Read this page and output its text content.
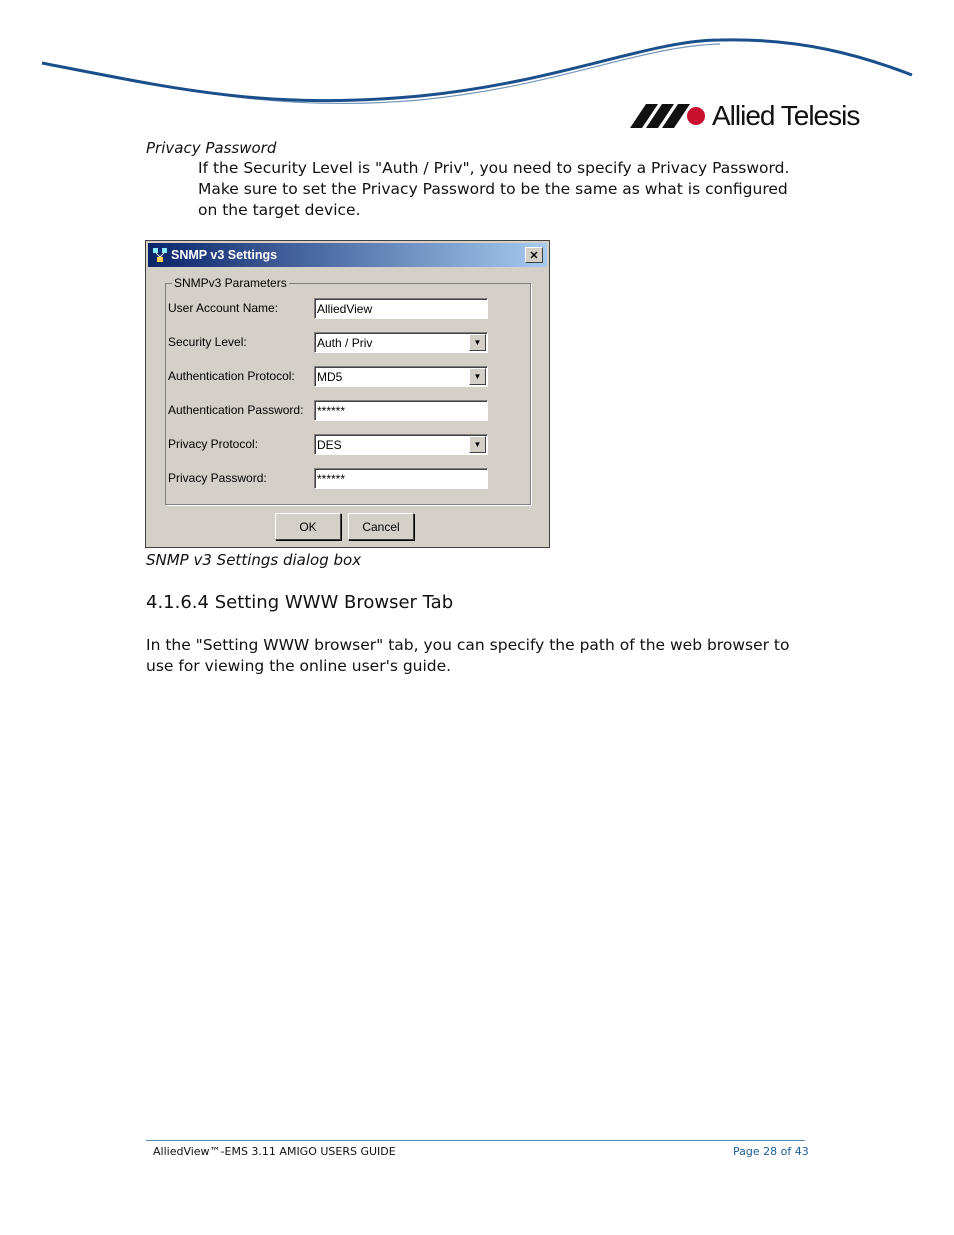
Allied Telesis
Privacy Password
If the Security Level is "Auth / Priv", you need to specify a Privacy Password. Make sure to set the Privacy Password to be the same as what is configured on the target device.
SNMP v3 Settings	✕
SNMPv3 Parameters
User Account Name:	AlliedView
Security Level:	Auth / Priv	▼
Authentication Protocol:	MD5	▼
Authentication Password:	******
Privacy Protocol:	DES	▼
Privacy Password:	******
OK	Cancel
SNMP v3 Settings dialog box
4.1.6.4 Setting WWW Browser Tab
In the "Setting WWW browser" tab, you can specify the path of the web browser to use for viewing the online user's guide.
AlliedView™-EMS 3.11 AMIGO USERS GUIDE	Page 28 of 43
